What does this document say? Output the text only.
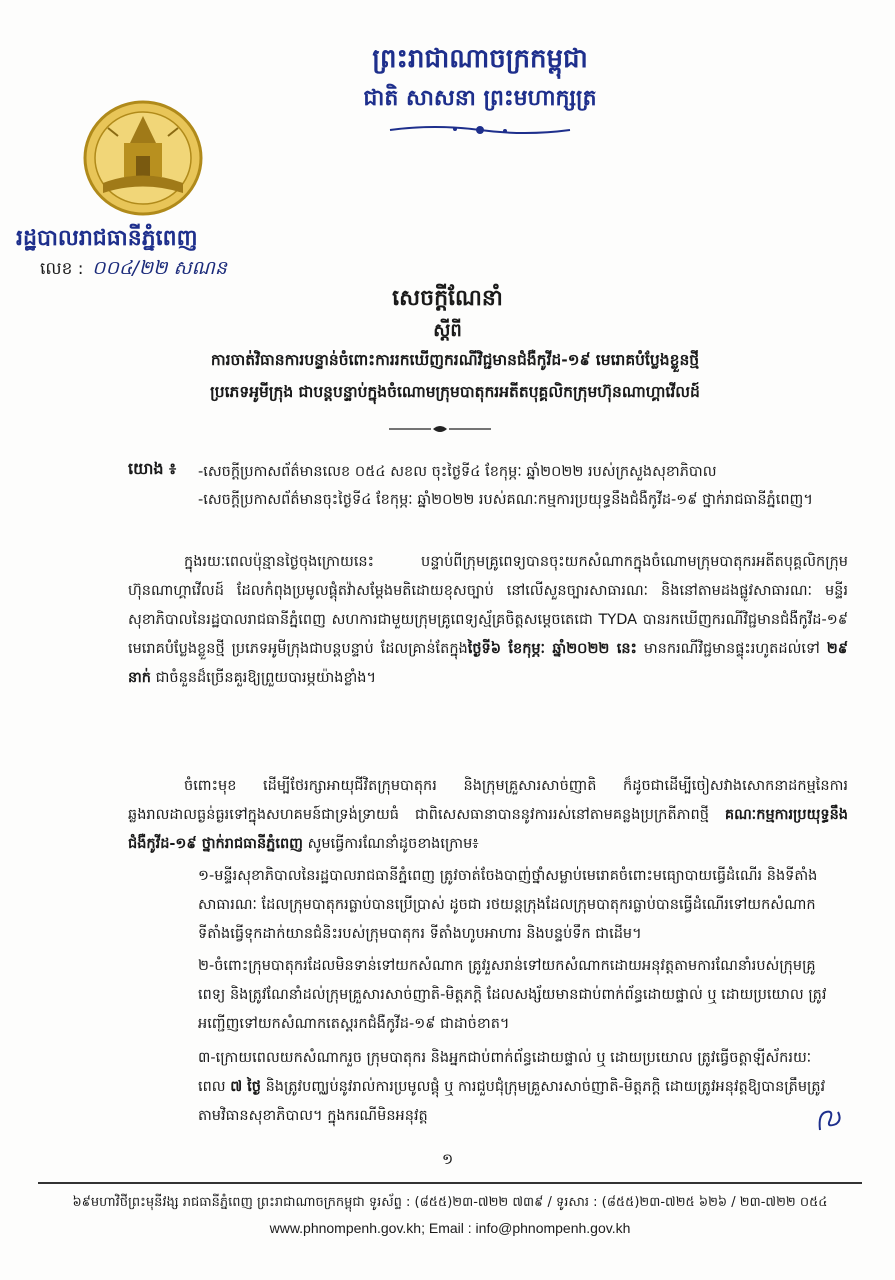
ព្រះរាជាណាចក្រកម្ពុជា
ជាតិ សាសនា ព្រះមហាក្សត្រ
រដ្ឋបាលរាជធានីភ្នំពេញ
លេខ : ០០៤/២២ សណន
សេចក្ដីណែនាំ
ស្ដីពី
ការចាត់វិធានការបន្ទាន់ចំពោះការរកឃើញករណីវិជ្ជមានជំងឺកូវីដ-១៩ មេរោគបំប្លែងខ្លួនថ្មី
ប្រភេទអូមីក្រុង ជាបន្តបន្ទាប់ក្នុងចំណោមក្រុមបាតុករអតីតបុគ្គលិកក្រុមហ៊ុនណាហ្គាវើលដ៍
យោង ៖ -សេចក្ដីប្រកាសព័ត៌មានលេខ ០៥៤ សខល ចុះថ្ងៃទី៤ ខែកុម្ភៈ ឆ្នាំ២០២២ របស់ក្រសួងសុខាភិបាល
-សេចក្ដីប្រកាសព័ត៌មានចុះថ្ងៃទី៤ ខែកុម្ភៈ ឆ្នាំ២០២២ របស់គណៈកម្មការប្រយុទ្ធនឹងជំងឺកូវីដ-១៩ ថ្នាក់រាជធានីភ្នំពេញ។
ក្នុងរយៈពេលប៉ុន្មានថ្ងៃចុងក្រោយនេះ បន្ទាប់ពីក្រុមគ្រូពេទ្យបានចុះយកសំណាកក្នុងចំណោមក្រុមបាតុករអតីតបុគ្គលិកក្រុមហ៊ុនណាហ្គាវើលដ៍ ដែលកំពុងប្រមូលផ្ដុំតវ៉ាសម្ដែងមតិដោយខុសច្បាប់ នៅលើសួនច្បារសាធារណៈ និងនៅតាមដងផ្លូវសាធារណៈ មន្ទីរសុខាភិបាលនៃរដ្ឋបាលរាជធានីភ្នំពេញ សហការជាមួយក្រុមគ្រូពេទ្យស្ម័គ្រចិត្តសម្ដេចតេជោ TYDA បានរកឃើញករណីវិជ្ជមានជំងឺកូវីដ-១៩ មេរោគបំប្លែងខ្លួនថ្មី ប្រភេទអូមីក្រុងជាបន្តបន្ទាប់ ដែលគ្រាន់តែក្នុងថ្ងៃទី៦ ខែកុម្ភៈ ឆ្នាំ២០២២ នេះ មានករណីវិជ្ជមានផ្ទុះរហូតដល់ទៅ ២៩ នាក់ ជាចំនួនដ៏ច្រើនគួរឱ្យព្រួយបារម្ភយ៉ាងខ្លាំង។
ចំពោះមុខ ដើម្បីថែរក្សាអាយុជីវិតក្រុមបាតុករ និងក្រុមគ្រួសារសាច់ញាតិ ក៏ដូចជាដើម្បីចៀសវាងសោកនាដកម្មនៃការឆ្លងរាលដាលធ្ងន់ធ្ងរទៅក្នុងសហគមន៍ជាទ្រង់ទ្រាយធំ ជាពិសេសធានាបាននូវការរស់នៅតាមគន្លងប្រក្រតីភាពថ្មី គណៈកម្មការប្រយុទ្ធនឹងជំងឺកូវីដ-១៩ ថ្នាក់រាជធានីភ្នំពេញ សូមធ្វើការណែនាំដូចខាងក្រោម៖
១-មន្ទីរសុខាភិបាលនៃរដ្ឋបាលរាជធានីភ្នំពេញ ត្រូវចាត់ចែងបាញ់ថ្នាំសម្លាប់មេរោគចំពោះមធ្យោបាយធ្វើដំណើរ និងទីតាំងសាធារណៈ ដែលក្រុមបាតុករធ្លាប់បានប្រើប្រាស់ ដូចជា រថយន្តក្រុងដែលក្រុមបាតុករធ្លាប់បានធ្វើដំណើរទៅយកសំណាក ទីតាំងធ្វើទុកដាក់យានជំនិះរបស់ក្រុមបាតុករ ទីតាំងហូបអាហារ និងបន្ទប់ទឹក ជាដើម។
២-ចំពោះក្រុមបាតុករដែលមិនទាន់ទៅយកសំណាក ត្រូវរួសរាន់ទៅយកសំណាកដោយអនុវត្តតាមការណែនាំរបស់ក្រុមគ្រូពេទ្យ និងត្រូវណែនាំដល់ក្រុមគ្រួសារសាច់ញាតិ-មិត្តភក្តិ ដែលសង្ស័យមានជាប់ពាក់ព័ន្ធដោយផ្ទាល់ ឬ ដោយប្រយោល ត្រូវអញ្ជើញទៅយកសំណាកតេស្តរកជំងឺកូវីដ-១៩ ជាដាច់ខាត។
៣-ក្រោយពេលយកសំណាករួច ក្រុមបាតុករ និងអ្នកជាប់ពាក់ព័ន្ធដោយផ្ទាល់ ឬ ដោយប្រយោល ត្រូវធ្វើចត្តាឡីស័ករយៈពេល ៧ ថ្ងៃ និងត្រូវបញ្ឈប់នូវរាល់ការប្រមូលផ្ដុំ ឬ ការជួបជុំក្រុមគ្រួសារសាច់ញាតិ-មិត្តភក្តិ ដោយត្រូវអនុវត្តឱ្យបានត្រឹមត្រូវតាមវិធានសុខាភិបាល។ ក្នុងករណីមិនអនុវត្ត
១
៦៩មហាវិថីព្រះមុនីវង្ស រាជធានីភ្នំពេញ ព្រះរាជាណាចក្រកម្ពុជា ទូរស័ព្ទ : (៨៥៥)២៣-៧២២ ៧៣៩ / ទូរសារ : (៨៥៥)២៣-៧២៥ ៦២៦ / ២៣-៧២២ ០៥៤
www.phnompenh.gov.kh; Email : info@phnompenh.gov.kh
